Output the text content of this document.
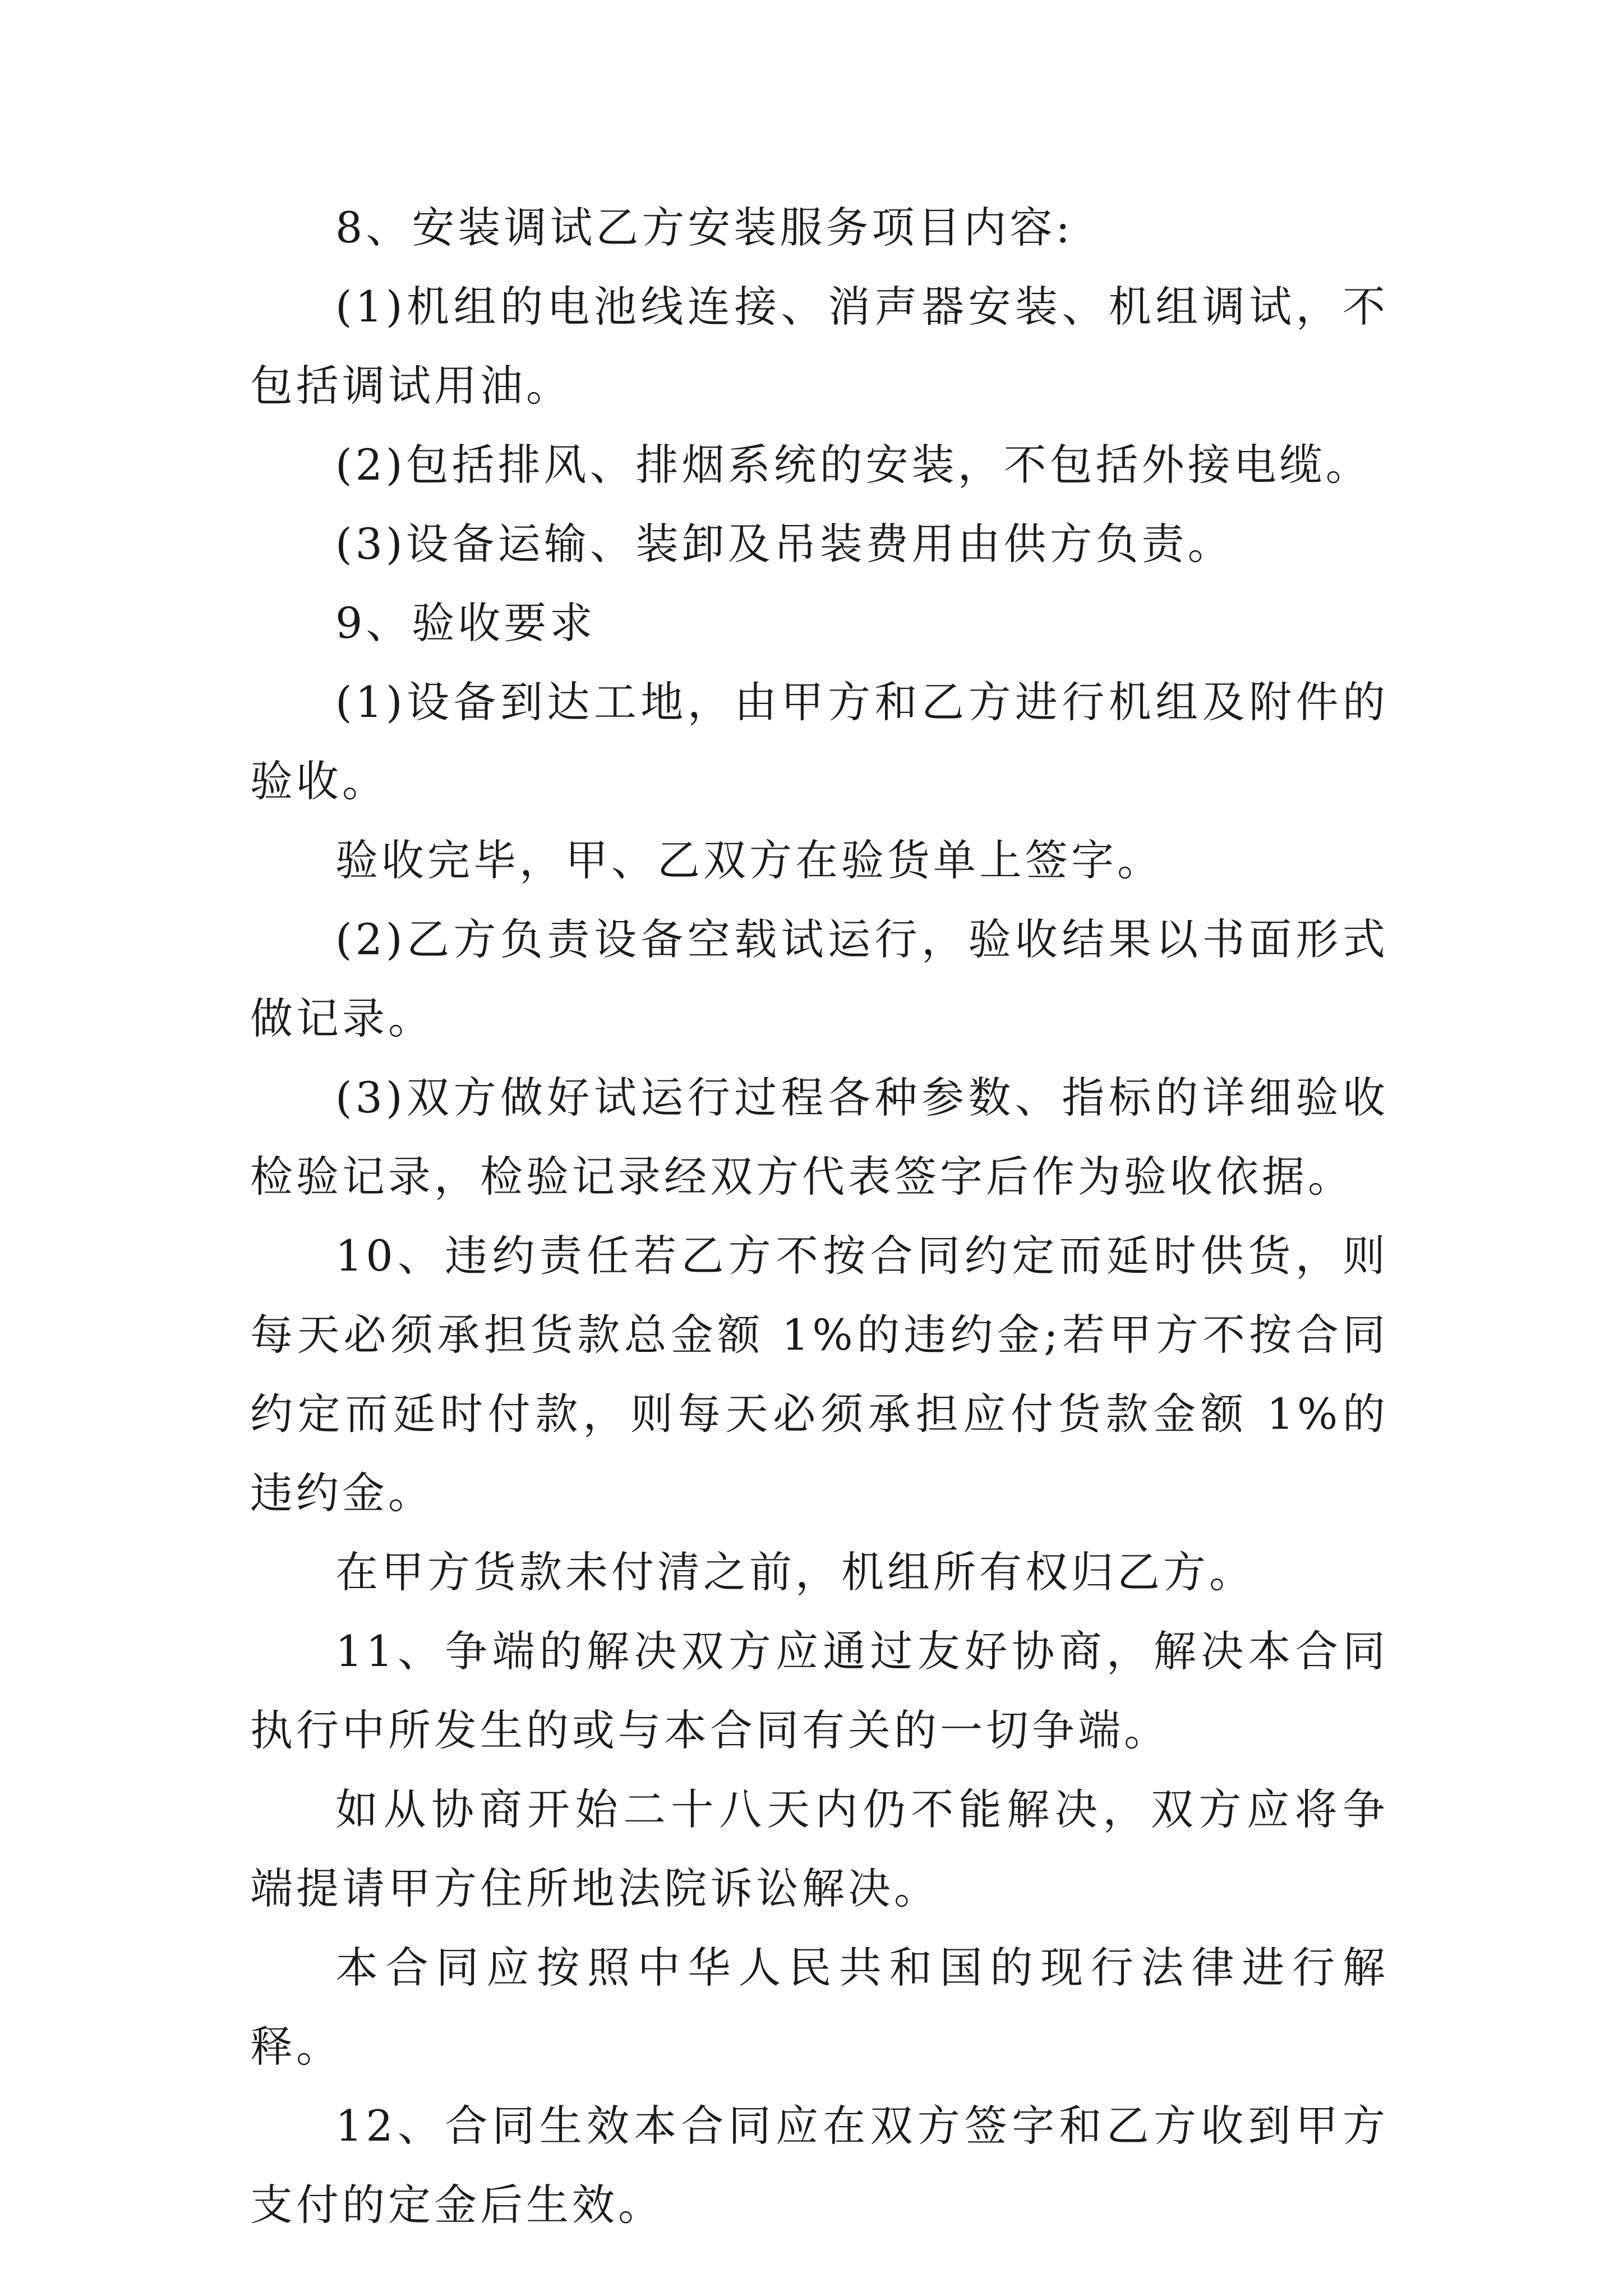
8、安装调试乙方安装服务项目内容:

(1)机组的电池线连接、消声器安装、机组调试，不包括调试用油。

(2)包括排风、排烟系统的安装，不包括外接电缆。

(3)设备运输、装卸及吊装费用由供方负责。

9、验收要求

(1)设备到达工地，由甲方和乙方进行机组及附件的验收。

验收完毕，甲、乙双方在验货单上签字。

(2)乙方负责设备空载试运行，验收结果以书面形式做记录。

(3)双方做好试运行过程各种参数、指标的详细验收检验记录，检验记录经双方代表签字后作为验收依据。

10、违约责任若乙方不按合同约定而延时供货，则每天必须承担货款总金额 1%的违约金;若甲方不按合同约定而延时付款，则每天必须承担应付货款金额 1%的违约金。

在甲方货款未付清之前，机组所有权归乙方。

11、争端的解决双方应通过友好协商，解决本合同执行中所发生的或与本合同有关的一切争端。

如从协商开始二十八天内仍不能解决，双方应将争端提请甲方住所地法院诉讼解决。

本合同应按照中华人民共和国的现行法律进行解释。

12、合同生效本合同应在双方签字和乙方收到甲方支付的定金后生效。
